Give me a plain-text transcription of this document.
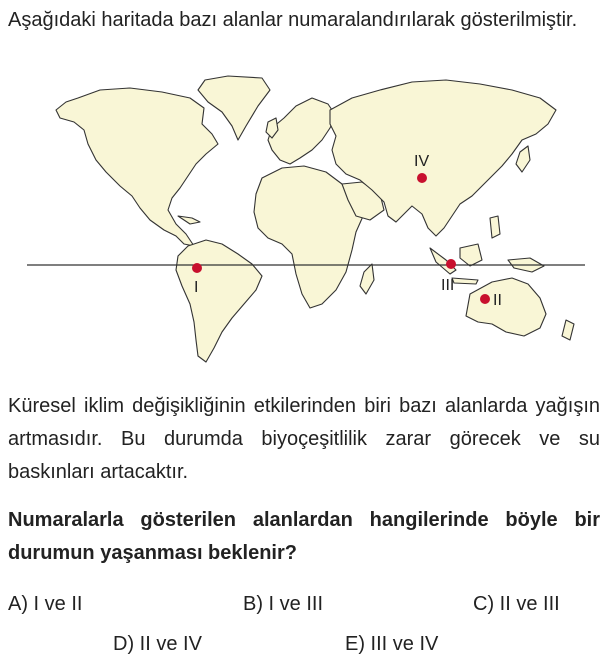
Aşağıdaki haritada bazı alanlar numaralandırılarak gösterilmiştir.

I
II
III
IV

Küresel iklim değişikliğinin etkilerinden biri bazı alanlarda yağışın artmasıdır. Bu durumda biyoçeşitlilik zarar görecek ve su baskınları artacaktır.

Numaralarla gösterilen alanlardan hangilerinde böyle bir durumun yaşanması beklenir?

A) I ve II	B) I ve III	C) II ve III
D) II ve IV	E) III ve IV
